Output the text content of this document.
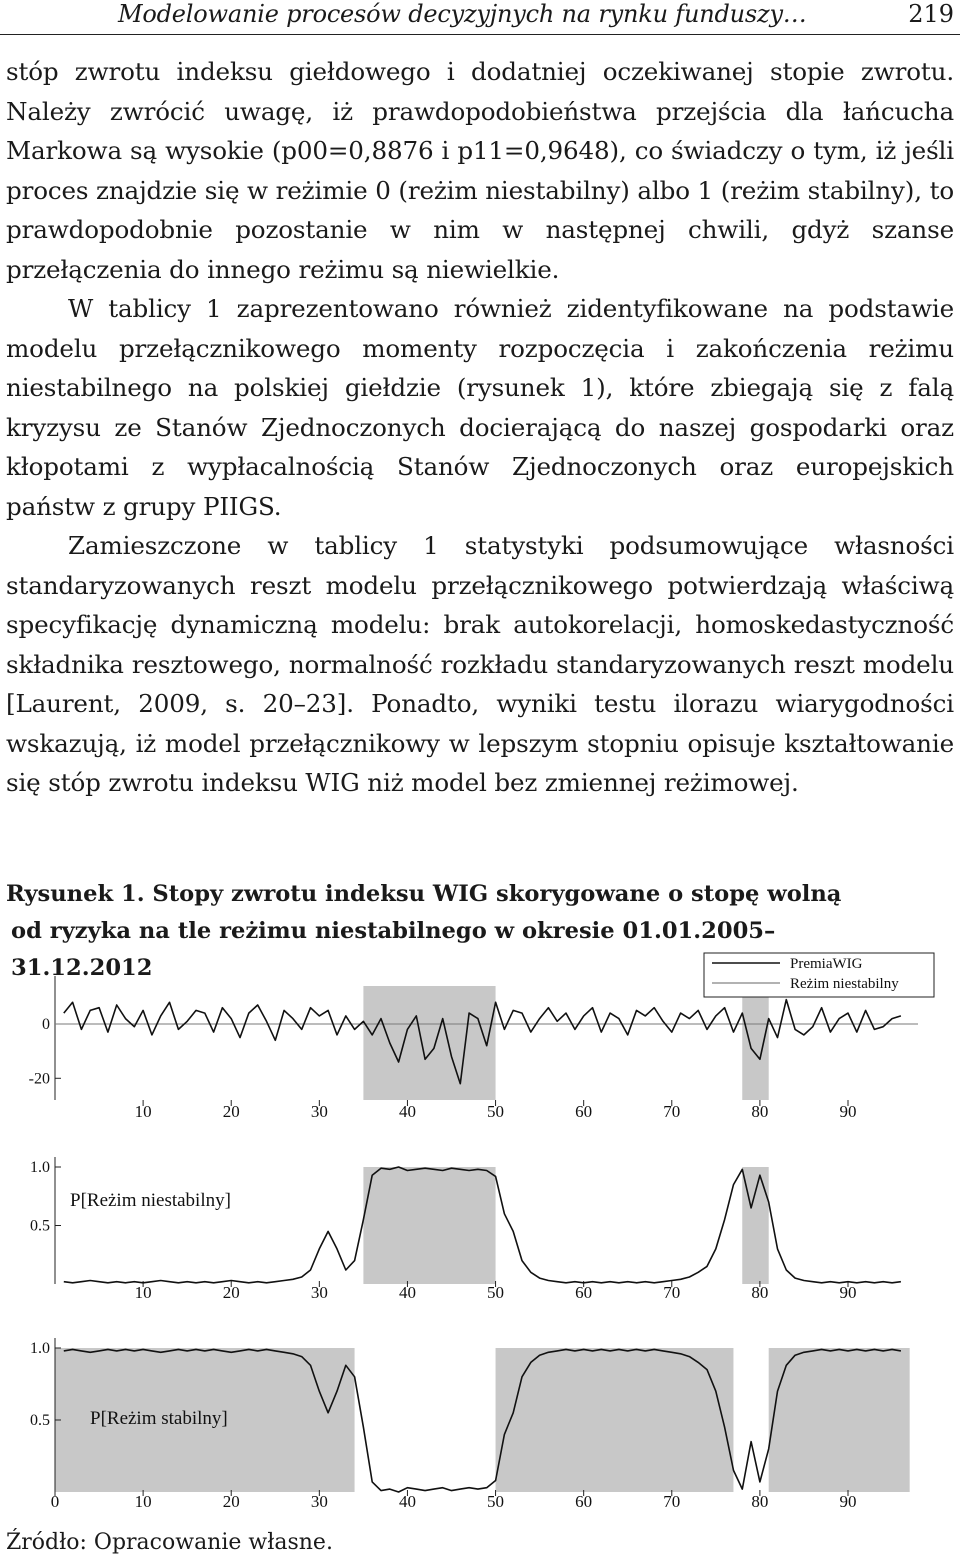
Modelowanie procesów decyzyjnych na rynku funduszy…	219

stóp zwrotu indeksu giełdowego i dodatniej oczekiwanej stopie zwrotu. Należy zwrócić uwagę, iż prawdopodobieństwa przejścia dla łańcucha Markowa są wysokie (p00=0,8876 i p11=0,9648), co świadczy o tym, iż jeśli proces znajdzie się w reżimie 0 (reżim niestabilny) albo 1 (reżim stabilny), to prawdopodobnie pozostanie w nim w następnej chwili, gdyż szanse przełączenia do innego reżimu są niewielkie.

W tablicy 1 zaprezentowano również zidentyfikowane na podstawie modelu przełącznikowego momenty rozpoczęcia i zakończenia reżimu niestabilnego na polskiej giełdzie (rysunek 1), które zbiegają się z falą kryzysu ze Stanów Zjednoczonych docierającą do naszej gospodarki oraz kłopotami z wypłacalnością Stanów Zjednoczonych oraz europejskich państw z grupy PIIGS.

Zamieszczone w tablicy 1 statystyki podsumowujące własności standaryzowanych reszt modelu przełącznikowego potwierdzają właściwą specyfikację dynamiczną modelu: brak autokorelacji, homoskedastyczność składnika resztowego, normalność rozkładu standaryzowanych reszt modelu [Laurent, 2009, s. 20–23]. Ponadto, wyniki testu ilorazu wiarygodności wskazują, iż model przełącznikowy w lepszym stopniu opisuje kształtowanie się stóp zwrotu indeksu WIG niż model bez zmiennej reżimowej.

Rysunek 1. Stopy zwrotu indeksu WIG skorygowane o stopę wolną
od ryzyka na tle reżimu niestabilnego w okresie 01.01.2005–31.12.2012

0
-20
10	20	30	40	50	60	70	80	90
PremiaWIG
Reżim niestabilny
1.0
0.5
10	20	30	40	50	60	70	80	90
P[Reżim niestabilny]
1.0
0.5
0	10	20	30	40	50	60	70	80	90
P[Reżim stabilny]

Źródło: Opracowanie własne.
